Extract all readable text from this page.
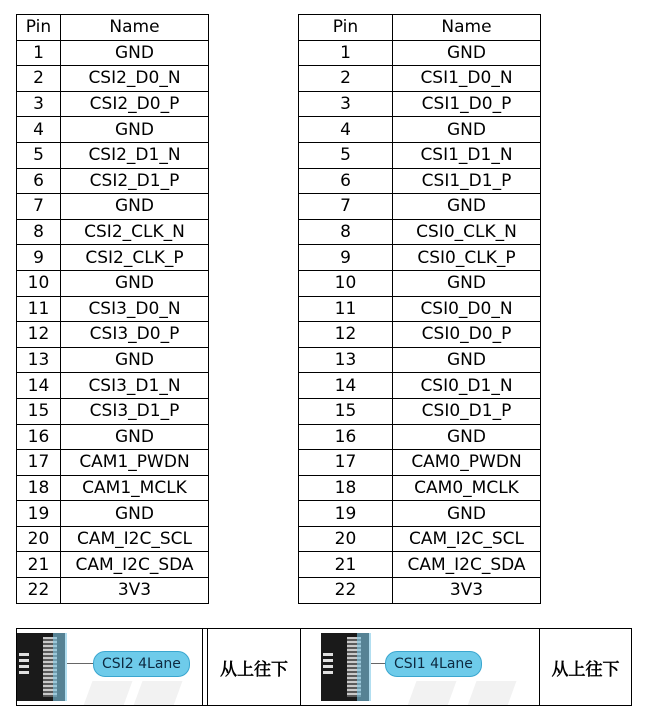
Pin	Name
1	GND
2	CSI2_D0_N
3	CSI2_D0_P
4	GND
5	CSI2_D1_N
6	CSI2_D1_P
7	GND
8	CSI2_CLK_N
9	CSI2_CLK_P
10	GND
11	CSI3_D0_N
12	CSI3_D0_P
13	GND
14	CSI3_D1_N
15	CSI3_D1_P
16	GND
17	CAM1_PWDN
18	CAM1_MCLK
19	GND
20	CAM_I2C_SCL
21	CAM_I2C_SDA
22	3V3
Pin	Name
1	GND
2	CSI1_D0_N
3	CSI1_D0_P
4	GND
5	CSI1_D1_N
6	CSI1_D1_P
7	GND
8	CSI0_CLK_N
9	CSI0_CLK_P
10	GND
11	CSI0_D0_N
12	CSI0_D0_P
13	GND
14	CSI0_D1_N
15	CSI0_D1_P
16	GND
17	CAM0_PWDN
18	CAM0_MCLK
19	GND
20	CAM_I2C_SCL
21	CAM_I2C_SDA
22	3V3
CSI2 4Lane	从上往下	CSI1 4Lane	从上往下
